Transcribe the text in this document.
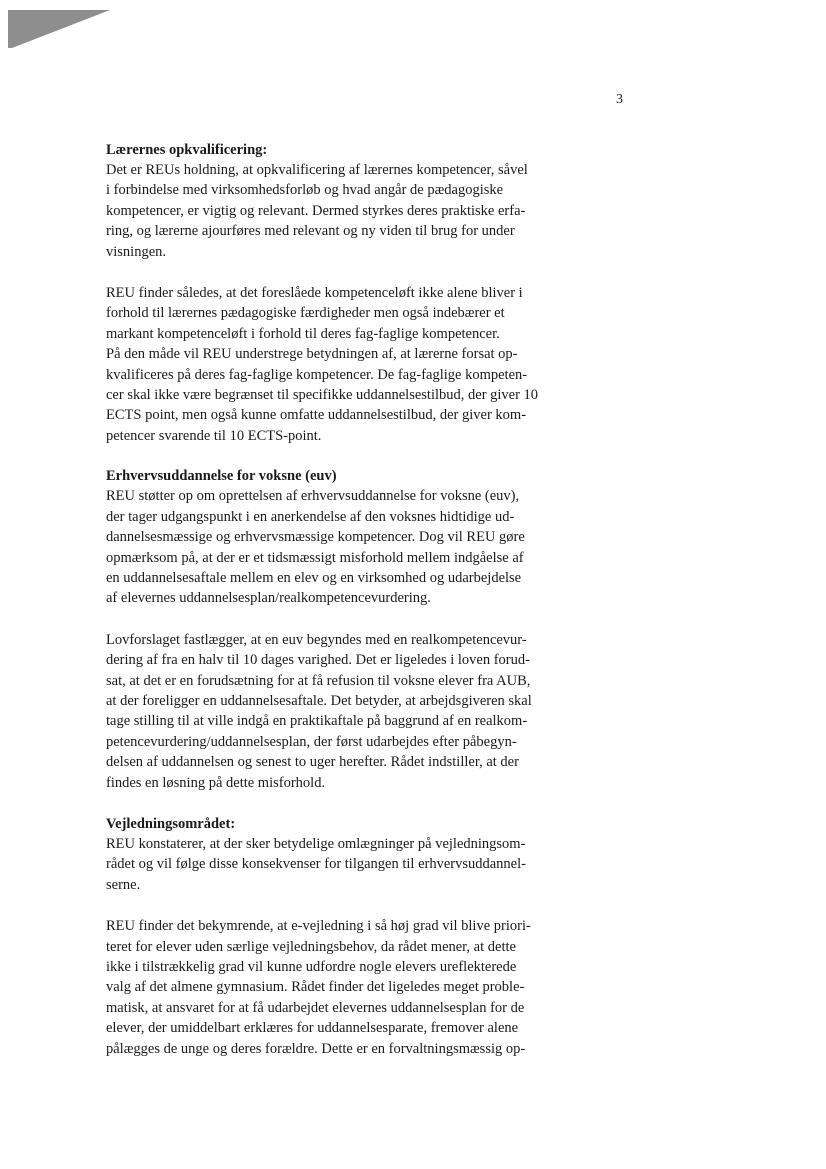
3
Lærernes opkvalificering:

Det er REUs holdning, at opkvalificering af lærernes kompetencer, såvel
i forbindelse med virksomhedsforløb og hvad angår de pædagogiske
kompetencer, er vigtig og relevant. Dermed styrkes deres praktiske erfa-
ring, og lærerne ajourføres med relevant og ny viden til brug for under
visningen.

REU finder således, at det foreslåede kompetenceløft ikke alene bliver i
forhold til lærernes pædagogiske færdigheder men også indebærer et
markant kompetenceløft i forhold til deres fag-faglige kompetencer.
På den måde vil REU understrege betydningen af, at lærerne forsat op-
kvalificeres på deres fag-faglige kompetencer. De fag-faglige kompeten-
cer skal ikke være begrænset til specifikke uddannelsestilbud, der giver 10
ECTS point, men også kunne omfatte uddannelsestilbud, der giver kom-
petencer svarende til 10 ECTS-point.

Erhvervsuddannelse for voksne (euv)

REU støtter op om oprettelsen af erhvervsuddannelse for voksne (euv),
der tager udgangspunkt i en anerkendelse af den voksnes hidtidige ud-
dannelsesmæssige og erhvervsmæssige kompetencer. Dog vil REU gøre
opmærksom på, at der er et tidsmæssigt misforhold mellem indgåelse af
en uddannelsesaftale mellem en elev og en virksomhed og udarbejdelse
af elevernes uddannelsesplan/realkompetencevurdering.

Lovforslaget fastlægger, at en euv begyndes med en realkompetencevur-
dering af fra en halv til 10 dages varighed. Det er ligeledes i loven forud-
sat, at det er en forudsætning for at få refusion til voksne elever fra AUB,
at der foreligger en uddannelsesaftale. Det betyder, at arbejdsgiveren skal
tage stilling til at ville indgå en praktikaftale på baggrund af en realkom-
petencevurdering/uddannelsesplan, der først udarbejdes efter påbegyn-
delsen af uddannelsen og senest to uger herefter. Rådet indstiller, at der
findes en løsning på dette misforhold.

Vejledningsområdet:

REU konstaterer, at der sker betydelige omlægninger på vejledningsom-
rådet og vil følge disse konsekvenser for tilgangen til erhvervsuddannel-
serne.

REU finder det bekymrende, at e-vejledning i så høj grad vil blive priori-
teret for elever uden særlige vejledningsbehov, da rådet mener, at dette
ikke i tilstrækkelig grad vil kunne udfordre nogle elevers ureflekterede
valg af det almene gymnasium. Rådet finder det ligeledes meget proble-
matisk, at ansvaret for at få udarbejdet elevernes uddannelsesplan for de
elever, der umiddelbart erklæres for uddannelsesparate, fremover alene
pålægges de unge og deres forældre. Dette er en forvaltningsmæssig op-
